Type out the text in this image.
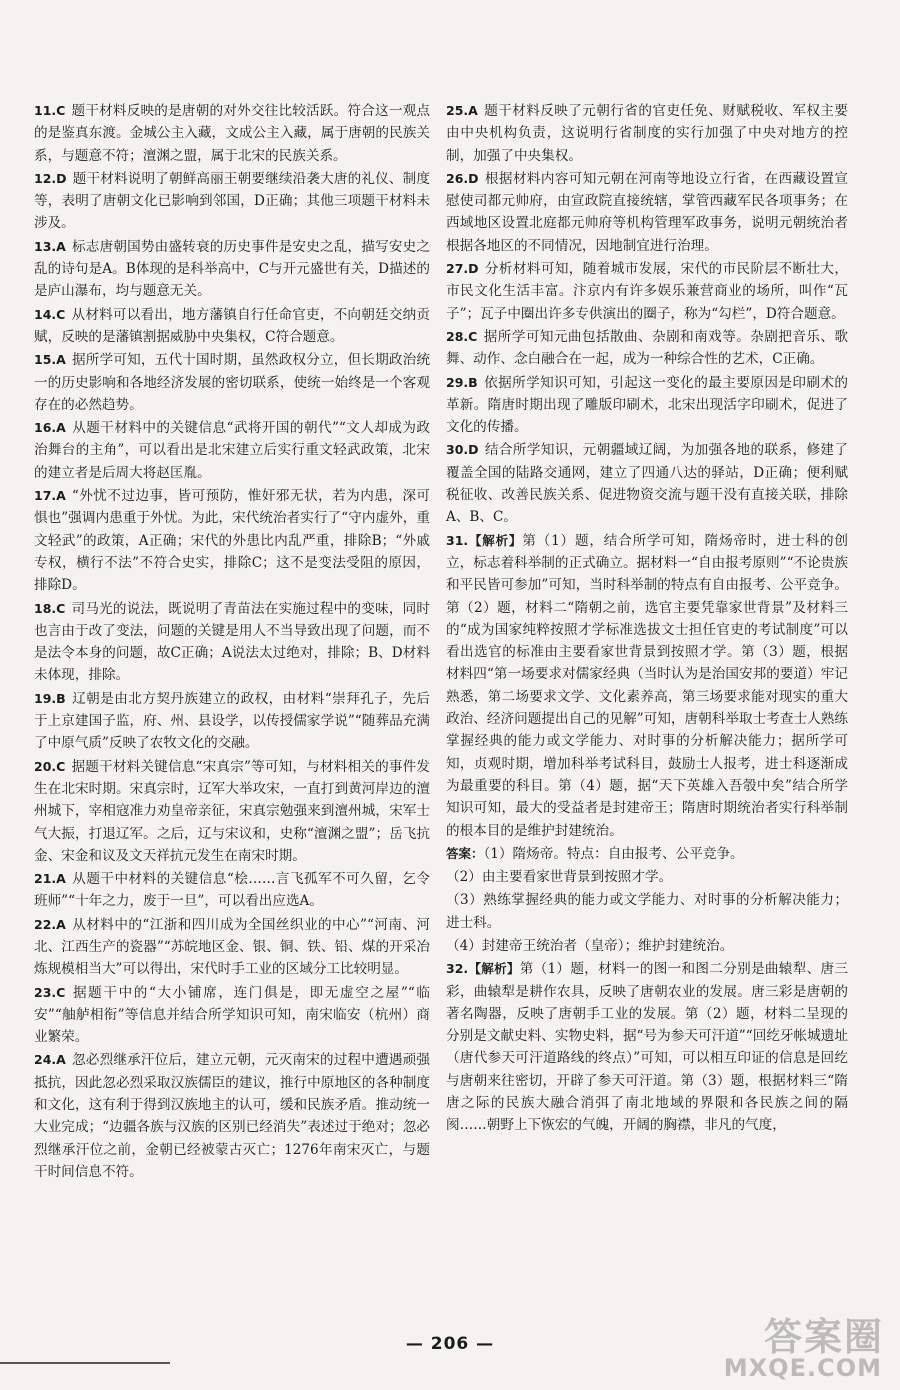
11.C 题干材料反映的是唐朝的对外交往比较活跃。符合这一观点的是鉴真东渡。金城公主入藏，文成公主入藏，属于唐朝的民族关系，与题意不符；澶渊之盟，属于北宋的民族关系。
12.D 题干材料说明了朝鲜高丽王朝要继续沿袭大唐的礼仪、制度等，表明了唐朝文化已影响到邻国，D正确；其他三项题干材料未涉及。
13.A 标志唐朝国势由盛转衰的历史事件是安史之乱，描写安史之乱的诗句是A。B体现的是科举高中，C与开元盛世有关，D描述的是庐山瀑布，均与题意无关。
14.C 从材料可以看出，地方藩镇自行任命官吏，不向朝廷交纳贡赋，反映的是藩镇割据威胁中央集权，C符合题意。
15.A 据所学可知，五代十国时期，虽然政权分立，但长期政治统一的历史影响和各地经济发展的密切联系，使统一始终是一个客观存在的必然趋势。
16.A 从题干材料中的关键信息“武将开国的朝代”“文人却成为政治舞台的主角”，可以看出是北宋建立后实行重文轻武政策，北宋的建立者是后周大将赵匡胤。
17.A “外忧不过边事，皆可预防，惟奸邪无状，若为内患，深可惧也”强调内患重于外忧。为此，宋代统治者实行了“守内虚外，重文轻武”的政策，A正确；宋代的外患比内乱严重，排除B；“外戚专权，横行不法”不符合史实，排除C；这不是变法受阻的原因，排除D。
18.C 司马光的说法，既说明了青苗法在实施过程中的变味，同时也言由于改了变法，问题的关键是用人不当导致出现了问题，而不是法令本身的问题，故C正确；A说法太过绝对，排除；B、D材料未体现，排除。
19.B 辽朝是由北方契丹族建立的政权，由材料“崇拜孔子，先后于上京建国子监，府、州、县设学，以传授儒家学说”“随葬品充满了中原气质”反映了农牧文化的交融。
20.C 据题干材料关键信息“宋真宗”等可知，与材料相关的事件发生在北宋时期。宋真宗时，辽军大举攻宋，一直打到黄河岸边的澶州城下，宰相寇准力劝皇帝亲征，宋真宗勉强来到澶州城，宋军士气大振，打退辽军。之后，辽与宋议和，史称“澶渊之盟”；岳飞抗金、宋金和议及文天祥抗元发生在南宋时期。
21.A 从题干中材料的关键信息“桧……言飞孤军不可久留，乞令班师”“十年之力，废于一旦”，可以看出应选A。
22.A 从材料中的“江浙和四川成为全国丝织业的中心”“河南、河北、江西生产的瓷器”“苏皖地区金、银、铜、铁、铅、煤的开采冶炼规模相当大”可以得出，宋代时手工业的区域分工比较明显。
23.C 据题干中的“大小铺席，连门俱是，即无虚空之屋”“临安”“舳舻相衔”等信息并结合所学知识可知，南宋临安（杭州）商业繁荣。
24.A 忽必烈继承汗位后，建立元朝，元灭南宋的过程中遭遇顽强抵抗，因此忽必烈采取汉族儒臣的建议，推行中原地区的各种制度和文化，这有利于得到汉族地主的认可，缓和民族矛盾。推动统一大业完成；“边疆各族与汉族的区别已经消失”表述过于绝对；忽必烈继承汗位之前，金朝已经被蒙古灭亡；1276年南宋灭亡，与题干时间信息不符。
25.A 题干材料反映了元朝行省的官吏任免、财赋税收、军权主要由中央机构负责，这说明行省制度的实行加强了中央对地方的控制，加强了中央集权。
26.D 根据材料内容可知元朝在河南等地设立行省，在西藏设置宣慰使司都元帅府，由宣政院直接统辖，掌管西藏军民各项事务；在西域地区设置北庭都元帅府等机构管理军政事务，说明元朝统治者根据各地区的不同情况，因地制宜进行治理。
27.D 分析材料可知，随着城市发展，宋代的市民阶层不断壮大，市民文化生活丰富。汴京内有许多娱乐兼营商业的场所，叫作“瓦子”；瓦子中圈出许多专供演出的圈子，称为“勾栏”，D符合题意。
28.C 据所学可知元曲包括散曲、杂剧和南戏等。杂剧把音乐、歌舞、动作、念白融合在一起，成为一种综合性的艺术，C正确。
29.B 依据所学知识可知，引起这一变化的最主要原因是印刷术的革新。隋唐时期出现了雕版印刷术，北宋出现活字印刷术，促进了文化的传播。
30.D 结合所学知识，元朝疆域辽阔，为加强各地的联系，修建了覆盖全国的陆路交通网，建立了四通八达的驿站，D正确；便利赋税征收、改善民族关系、促进物资交流与题干没有直接关联，排除A、B、C。
31.【解析】第（1）题，结合所学可知，隋炀帝时，进士科的创立，标志着科举制的正式确立。据材料一“自由报考原则”“不论贵族和平民皆可参加”可知，当时科举制的特点有自由报考、公平竞争。第（2）题，材料二“隋朝之前，选官主要凭靠家世背景”及材料三的“成为国家纯粹按照才学标准选拔文士担任官吏的考试制度”可以看出选官的标准由主要看家世背景到按照才学。第（3）题，根据材料四“第一场要求对儒家经典（当时认为是治国安邦的要道）牢记熟悉，第二场要求文学、文化素养高，第三场要求能对现实的重大政治、经济问题提出自己的见解”可知，唐朝科举取士考查士人熟练掌握经典的能力或文学能力、对时事的分析解决能力；据所学可知，贞观时期，增加科举考试科目，鼓励士人报考，进士科逐渐成为最重要的科目。第（4）题，据“天下英雄入吾彀中矣”结合所学知识可知，最大的受益者是封建帝王；隋唐时期统治者实行科举制的根本目的是维护封建统治。
答案：（1）隋炀帝。特点：自由报考、公平竞争。
（2）由主要看家世背景到按照才学。
（3）熟练掌握经典的能力或文学能力、对时事的分析解决能力；进士科。
（4）封建帝王统治者（皇帝）；维护封建统治。
32.【解析】第（1）题，材料一的图一和图二分别是曲辕犁、唐三彩，曲辕犁是耕作农具，反映了唐朝农业的发展。唐三彩是唐朝的著名陶器，反映了唐朝手工业的发展。第（2）题，材料二呈现的分别是文献史料、实物史料，据“号为参天可汗道”“回纥牙帐城遗址（唐代参天可汗道路线的终点）”可知，可以相互印证的信息是回纥与唐朝来往密切，开辟了参天可汗道。第（3）题，根据材料三“隋唐之际的民族大融合消弭了南北地域的界限和各民族之间的隔阂……朝野上下恢宏的气魄，开阔的胸襟，非凡的气度，
— 206 —	答案圈
MXQE.COM
